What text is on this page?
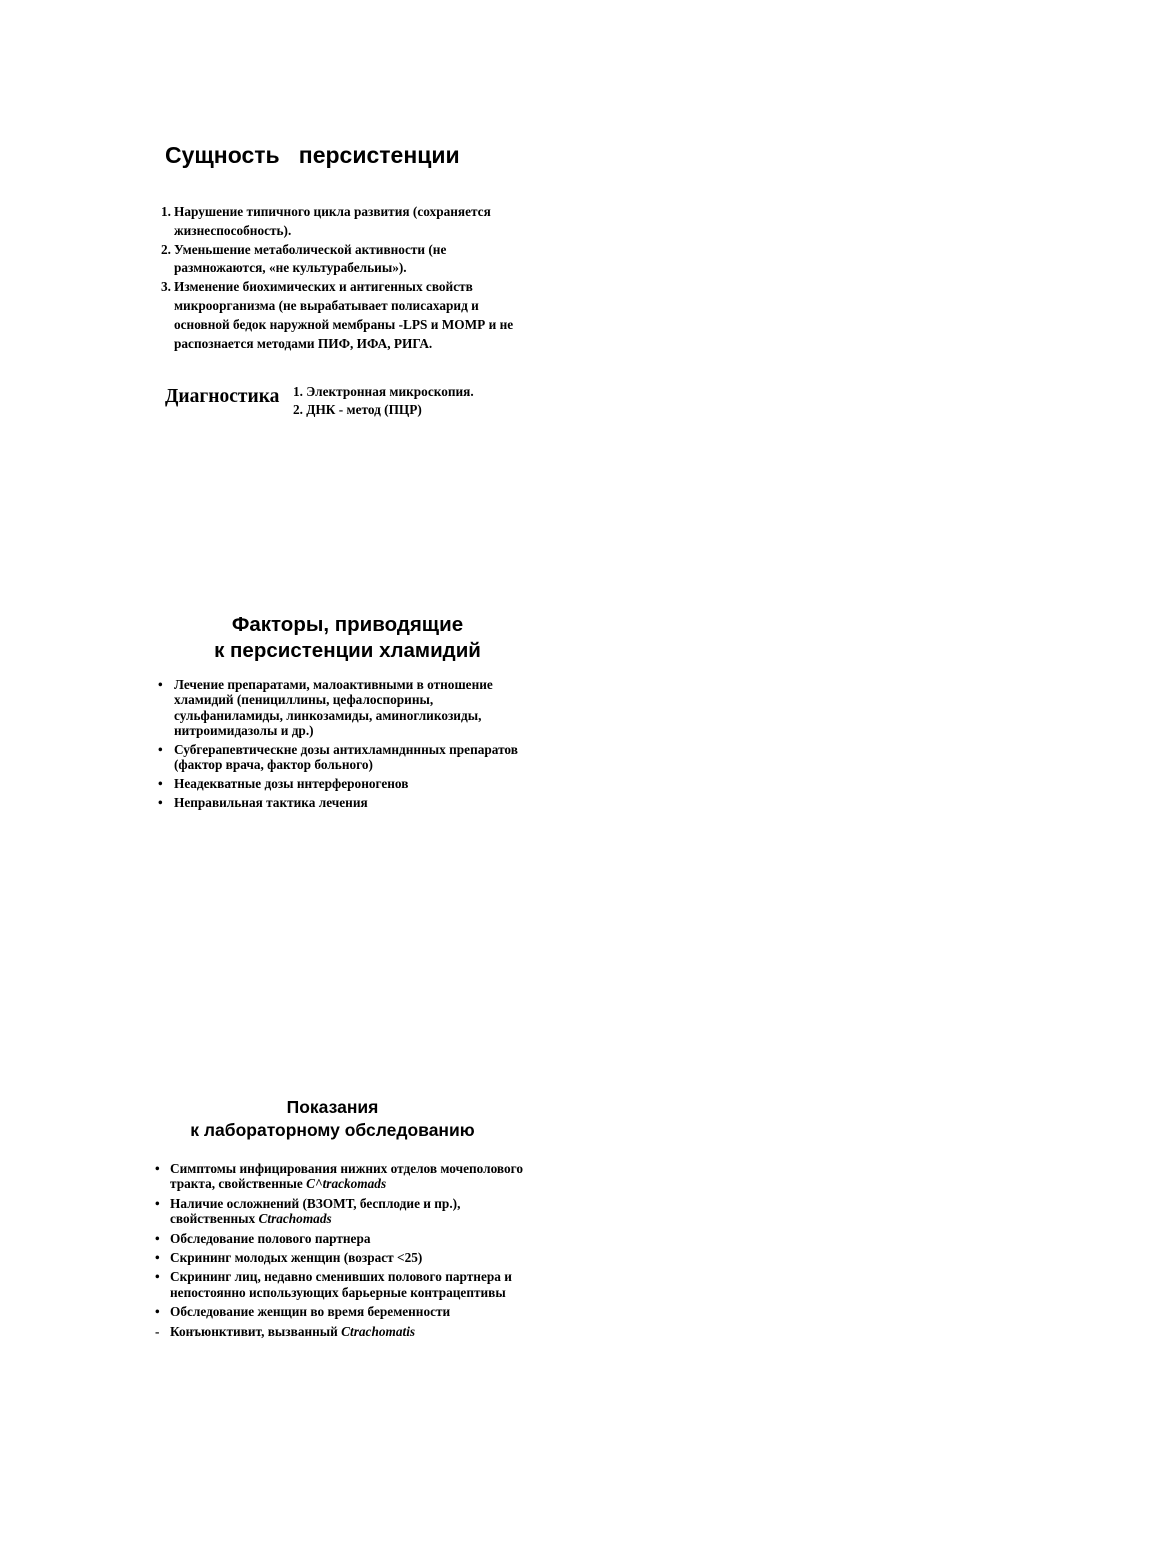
Сущность   персистенции
1. Нарушение типичного цикла развития (сохраняется жизнеспособность).
2. Уменьшение метаболической активности (не размножаются, «не культурабельиы»).
3. Изменение биохимических и антигенных свойств микроорганизма (не вырабатывает полисахарид и основной бедок наружной мембраны -LPS и МОМР и не распознается методами ПИФ, ИФА, РИГА.
Диагностика 1. Электронная микроскопия.
2. ДНК - метод (ПЦР)
Факторы, приводящие
к персистенции хламидий
• Лечение препаратами, малоактивными в отношение хламидий (пенициллины, цефалоспорины, сульфаниламиды, линкозамиды, аминогликозиды, нитроимидазолы и др.)
• Субгерапевтическне дозы антихламндннных препаратов (фактор врача, фактор больного)
• Неадекватные дозы ннтерфероногенов
• Неправильная тактика лечения
Показания
к лабораторному обследованию
• Симптомы инфицирования нижних отделов мочеполового тракта, свойственные C^trackomads
• Наличие осложнений (ВЗОМТ, бесплодие и пр.), свойственных Ctrachomads
• Обследование полового партнера
• Скрининг молодых женщин (возраст <25)
• Скрининг лиц, недавно сменивших полового партнера и непостоянно использующих барьерные контрацептивы
• Обследование женщин во время беременности
- Конъюнктивит, вызванный Ctrachomatis
